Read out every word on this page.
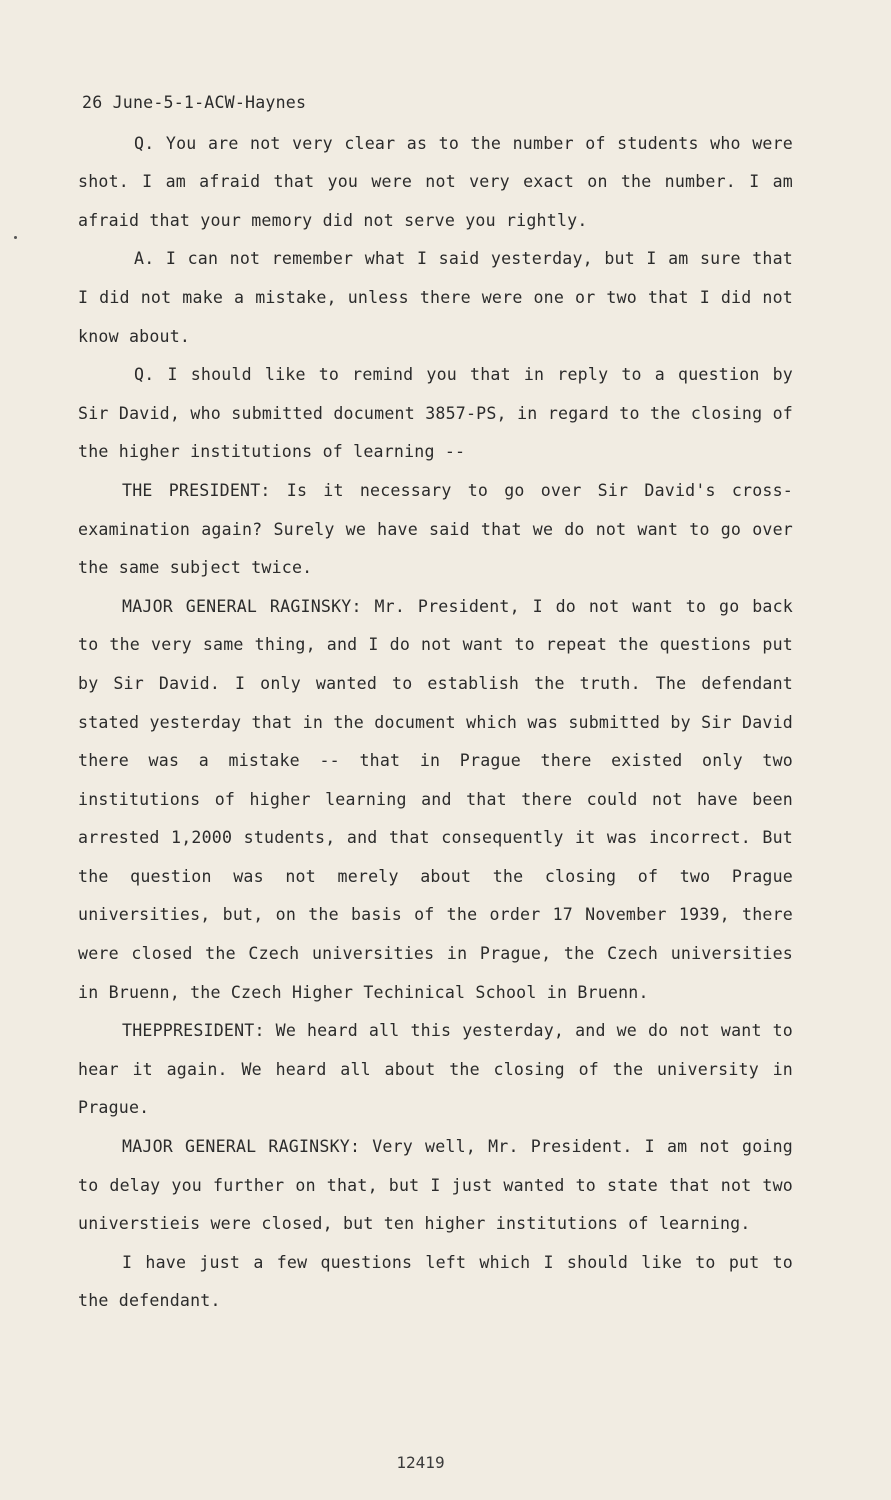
26 June-5-1-ACW-Haynes

Q. You are not very clear as to the number of students who were shot. I am afraid that you were not very exact on the number. I am afraid that your memory did not serve you rightly.

A. I can not remember what I said yesterday, but I am sure that I did not make a mistake, unless there were one or two that I did not know about.

Q. I should like to remind you that in reply to a question by Sir David, who submitted document 3857-PS, in regard to the closing of the higher institutions of learning --

THE PRESIDENT: Is it necessary to go over Sir David's cross-examination again? Surely we have said that we do not want to go over the same subject twice.

MAJOR GENERAL RAGINSKY: Mr. President, I do not want to go back to the very same thing, and I do not want to repeat the questions put by Sir David. I only wanted to establish the truth. The defendant stated yesterday that in the document which was submitted by Sir David there was a mistake -- that in Prague there existed only two institutions of higher learning and that there could not have been arrested 1,2000 students, and that consequently it was incorrect. But the question was not merely about the closing of two Prague universities, but, on the basis of the order 17 November 1939, there were closed the Czech universities in Prague, the Czech universities in Bruenn, the Czech Higher Techinical School in Bruenn.

THEPPRESIDENT: We heard all this yesterday, and we do not want to hear it again. We heard all about the closing of the university in Prague.

MAJOR GENERAL RAGINSKY: Very well, Mr. President. I am not going to delay you further on that, but I just wanted to state that not two universtieis were closed, but ten higher institutions of learning.

I have just a few questions left which I should like to put to the defendant.

12419
